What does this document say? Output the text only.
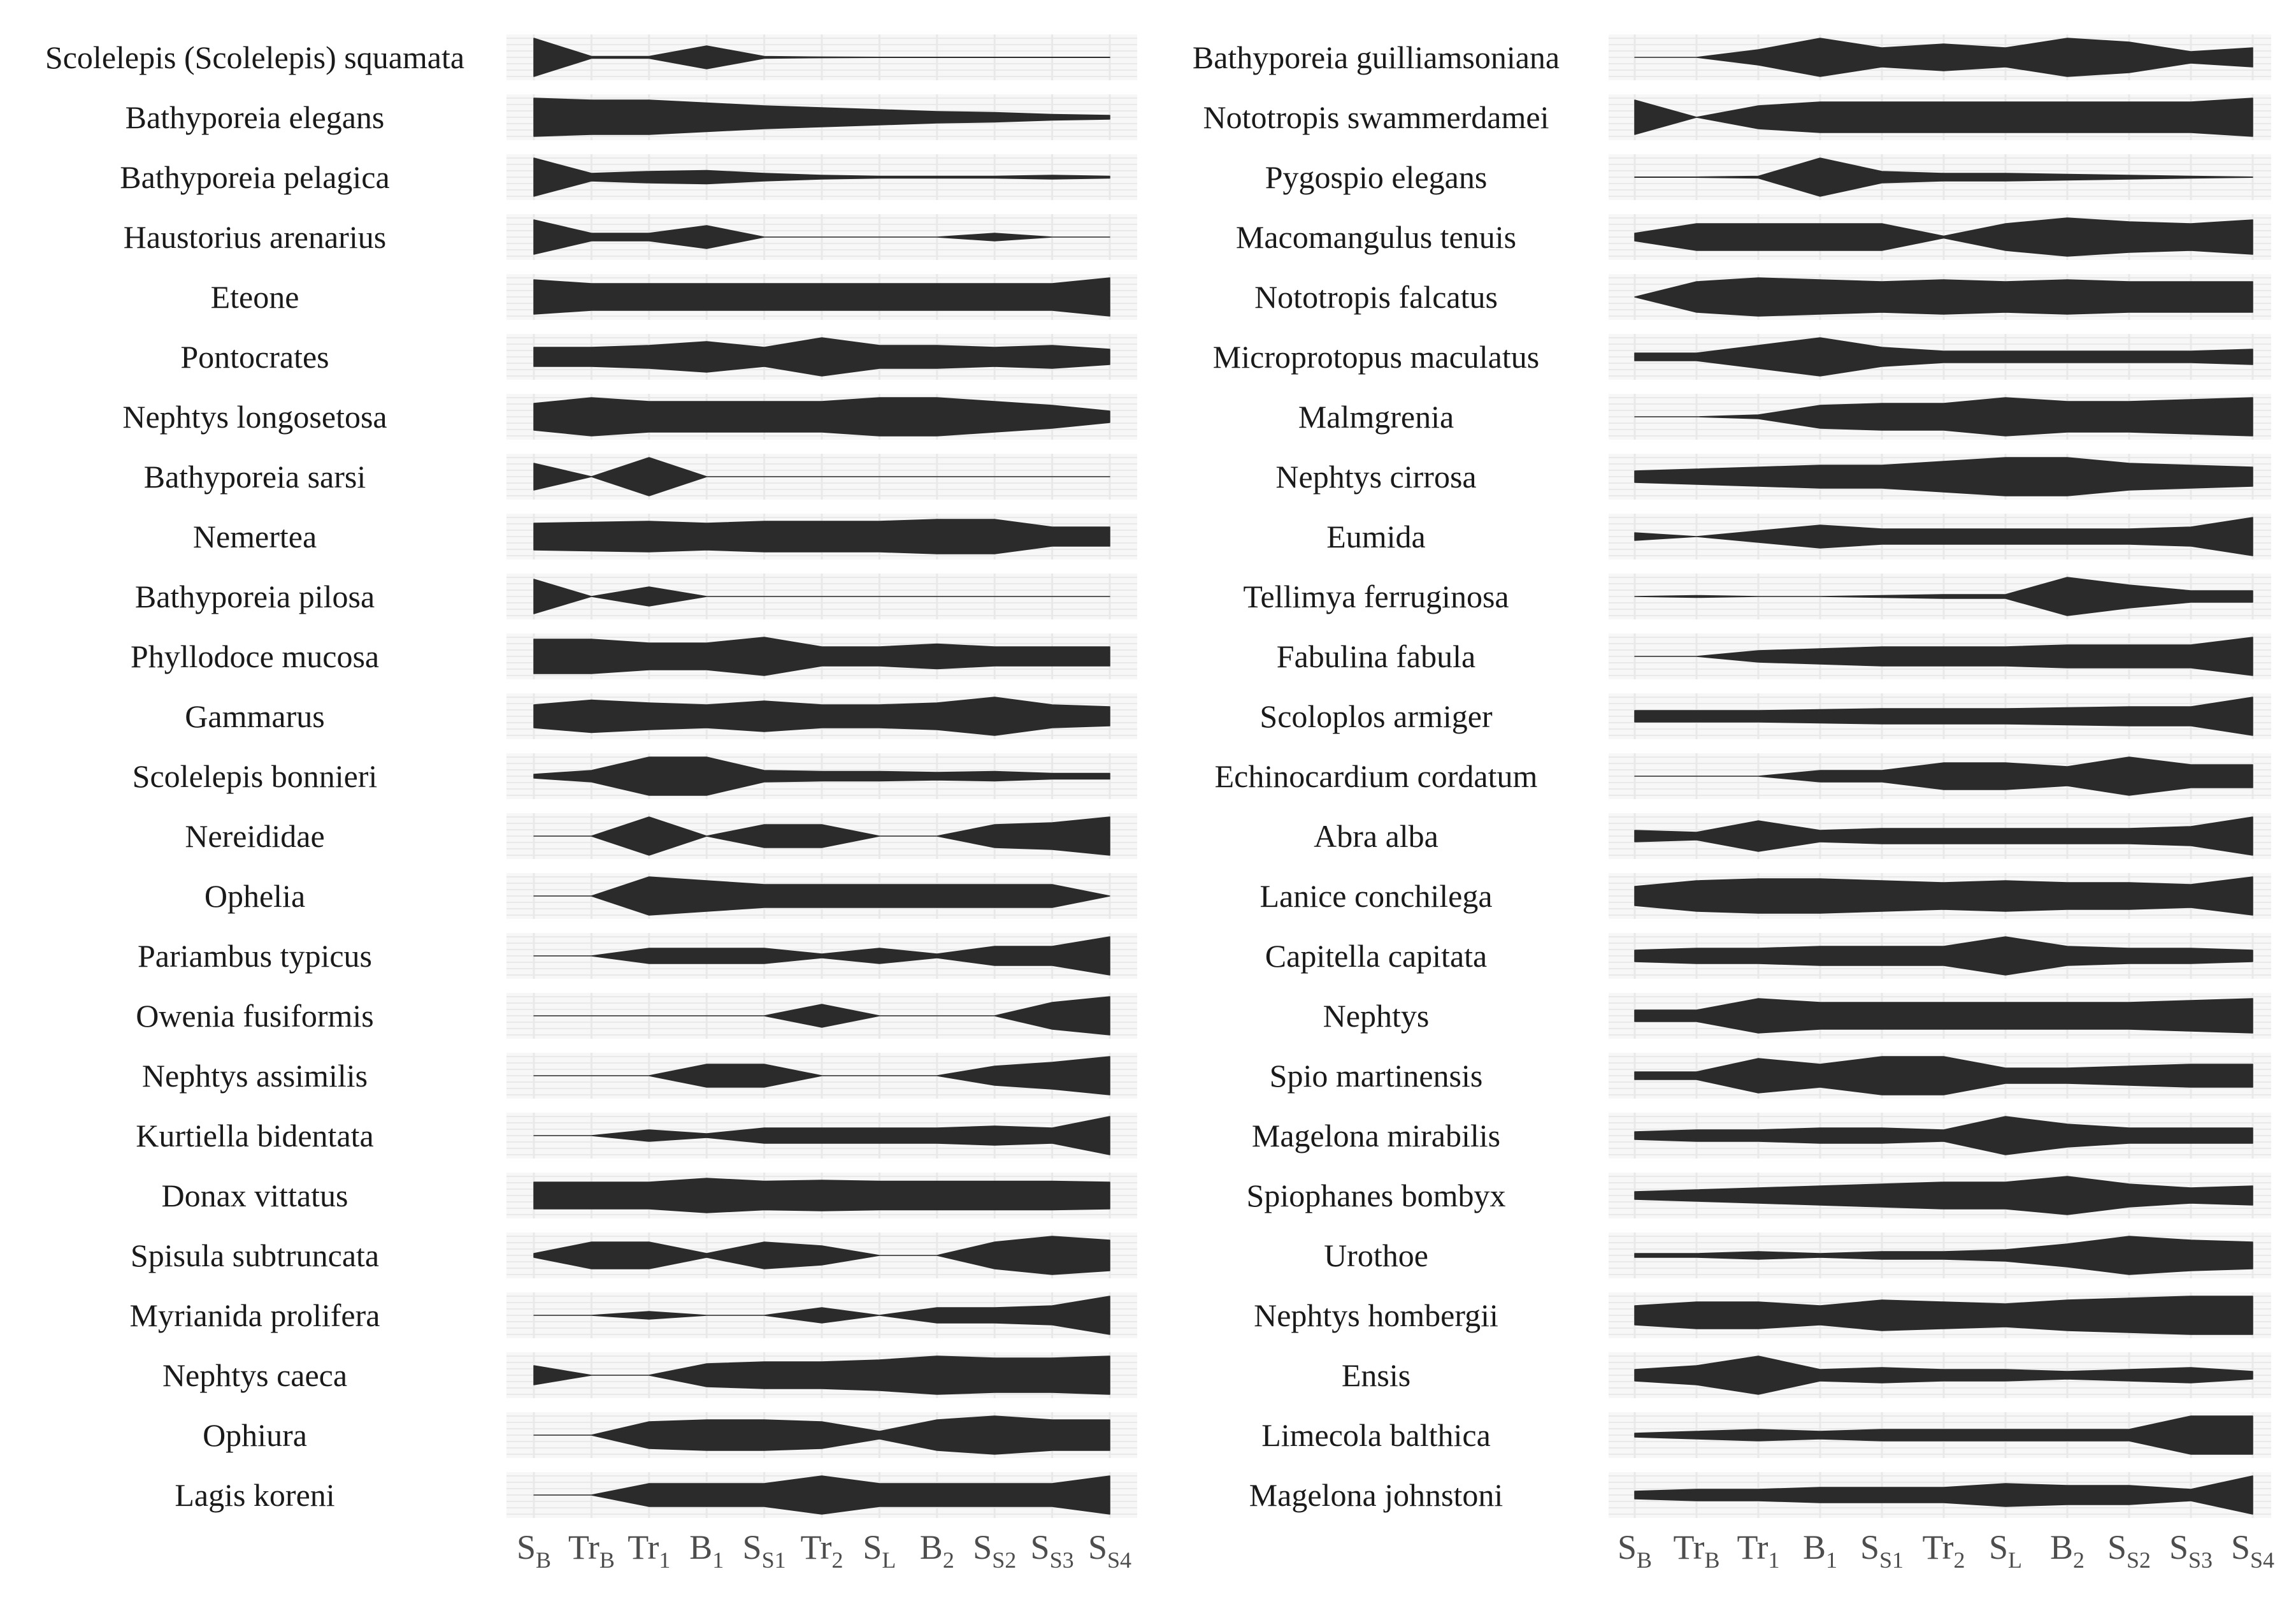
Scolelepis (Scolelepis) squamata
Bathyporeia elegans
Bathyporeia pelagica
Haustorius arenarius
Eteone
Pontocrates
Nephtys longosetosa
Bathyporeia sarsi
Nemertea
Bathyporeia pilosa
Phyllodoce mucosa
Gammarus
Scolelepis bonnieri
Nereididae
Ophelia
Pariambus typicus
Owenia fusiformis
Nephtys assimilis
Kurtiella bidentata
Donax vittatus
Spisula subtruncata
Myrianida prolifera
Nephtys caeca
Ophiura
Lagis koreni
$S_B$ $Tr_B$ $Tr_1$ $B_1$ $S_{S1}$ $Tr_2$ $S_L$ $B_2$ $S_{S2}$ $S_{S3}$ $S_{S4}$
Bathyporeia guilliamsoniana
Nototropis swammerdamei
Pygospio elegans
Macomangulus tenuis
Nototropis falcatus
Microprotopus maculatus
Malmgrenia
Nephtys cirrosa
Eumida
Tellimya ferruginosa
Fabulina fabula
Scoloplos armiger
Echinocardium cordatum
Abra alba
Lanice conchilega
Capitella capitata
Nephtys
Spio martinensis
Magelona mirabilis
Spiophanes bombyx
Urothoe
Nephtys hombergii
Ensis
Limecola balthica
Magelona johnstoni
$S_B$ $Tr_B$ $Tr_1$ $B_1$ $S_{S1}$ $Tr_2$ $S_L$ $B_2$ $S_{S2}$ $S_{S3}$ $S_{S4}$
